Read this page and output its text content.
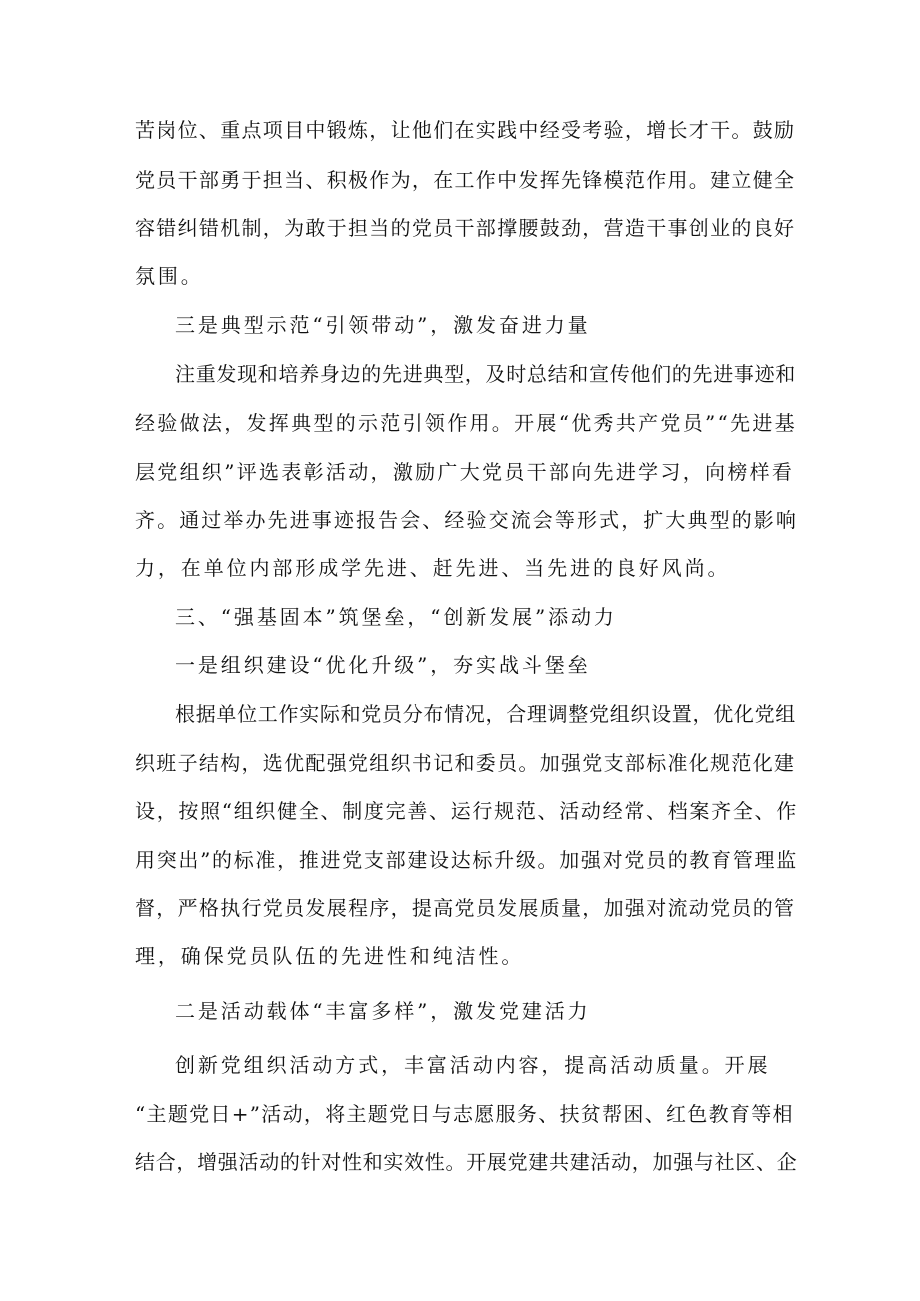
苦岗位、重点项目中锻炼，让他们在实践中经受考验，增长才干。鼓励
党员干部勇于担当、积极作为，在工作中发挥先锋模范作用。建立健全
容错纠错机制，为敢于担当的党员干部撑腰鼓劲，营造干事创业的良好
氛围。
三是典型示范“引领带动”，激发奋进力量
注重发现和培养身边的先进典型，及时总结和宣传他们的先进事迹和
经验做法，发挥典型的示范引领作用。开展“优秀共产党员”“先进基
层党组织”评选表彰活动，激励广大党员干部向先进学习，向榜样看
齐。通过举办先进事迹报告会、经验交流会等形式，扩大典型的影响
力，在单位内部形成学先进、赶先进、当先进的良好风尚。
三、“强基固本”筑堡垒，“创新发展”添动力
一是组织建设“优化升级”，夯实战斗堡垒
根据单位工作实际和党员分布情况，合理调整党组织设置，优化党组
织班子结构，选优配强党组织书记和委员。加强党支部标准化规范化建
设，按照“组织健全、制度完善、运行规范、活动经常、档案齐全、作
用突出”的标准，推进党支部建设达标升级。加强对党员的教育管理监
督，严格执行党员发展程序，提高党员发展质量，加强对流动党员的管
理，确保党员队伍的先进性和纯洁性。
二是活动载体“丰富多样”，激发党建活力
创新党组织活动方式，丰富活动内容，提高活动质量。开展
“主题党日+”活动，将主题党日与志愿服务、扶贫帮困、红色教育等相
结合，增强活动的针对性和实效性。开展党建共建活动，加强与社区、企
